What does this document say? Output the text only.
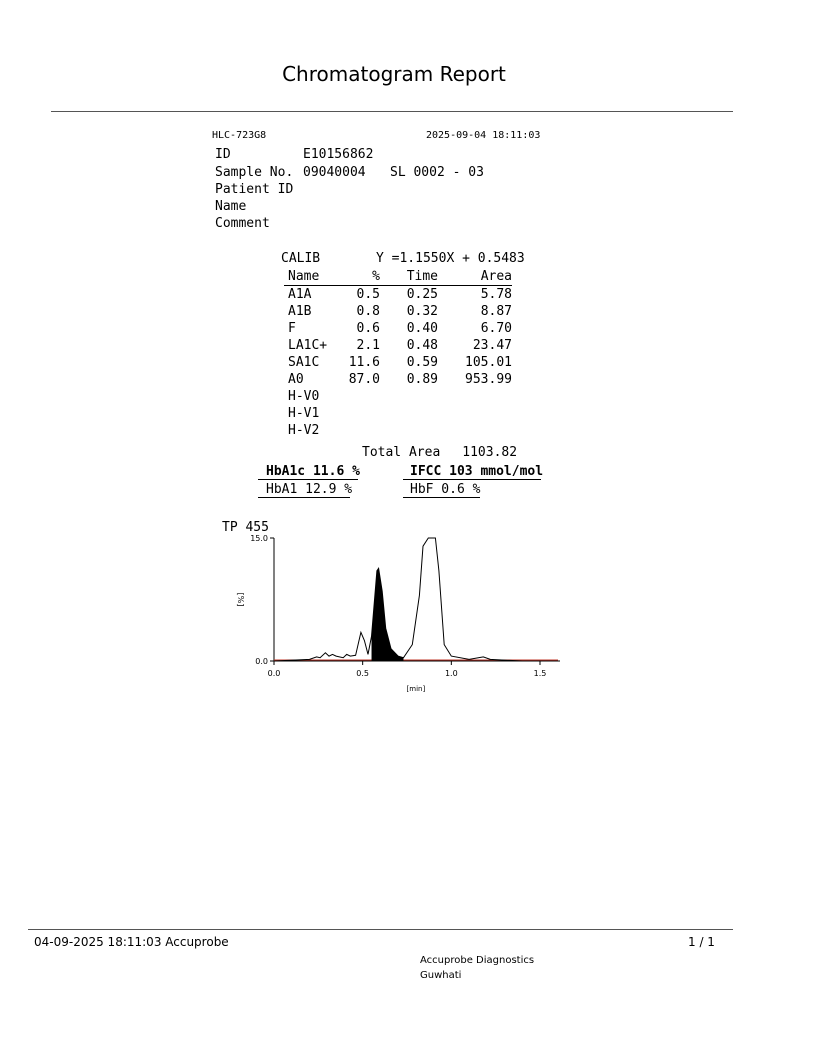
Chromatogram Report
HLC-723G8	2025-09-04 18:11:03
ID	E10156862
Sample No. 09040004 SL 0002 - 03
Patient ID
Name
Comment
CALIB	Y =1.1550X + 0.5483
Name	%	Time	Area
A1A	0.5	0.25	5.78
A1B	0.8	0.32	8.87
F	0.6	0.40	6.70
LA1C+	2.1	0.48	23.47
SA1C	11.6	0.59	105.01
A0	87.0	0.89	953.99
H-V0			
H-V1			
H-V2			
Total Area 1103.82
HbA1c 11.6 %	IFCC 103 mmol/mol
HbA1 12.9 %	HbF 0.6 %
TP 455
0.0
15.0
0.0	0.5	1.0	1.5
[min]
[%]
04-09-2025 18:11:03 Accuprobe	1 / 1
Accuprobe Diagnostics
Guwhati
